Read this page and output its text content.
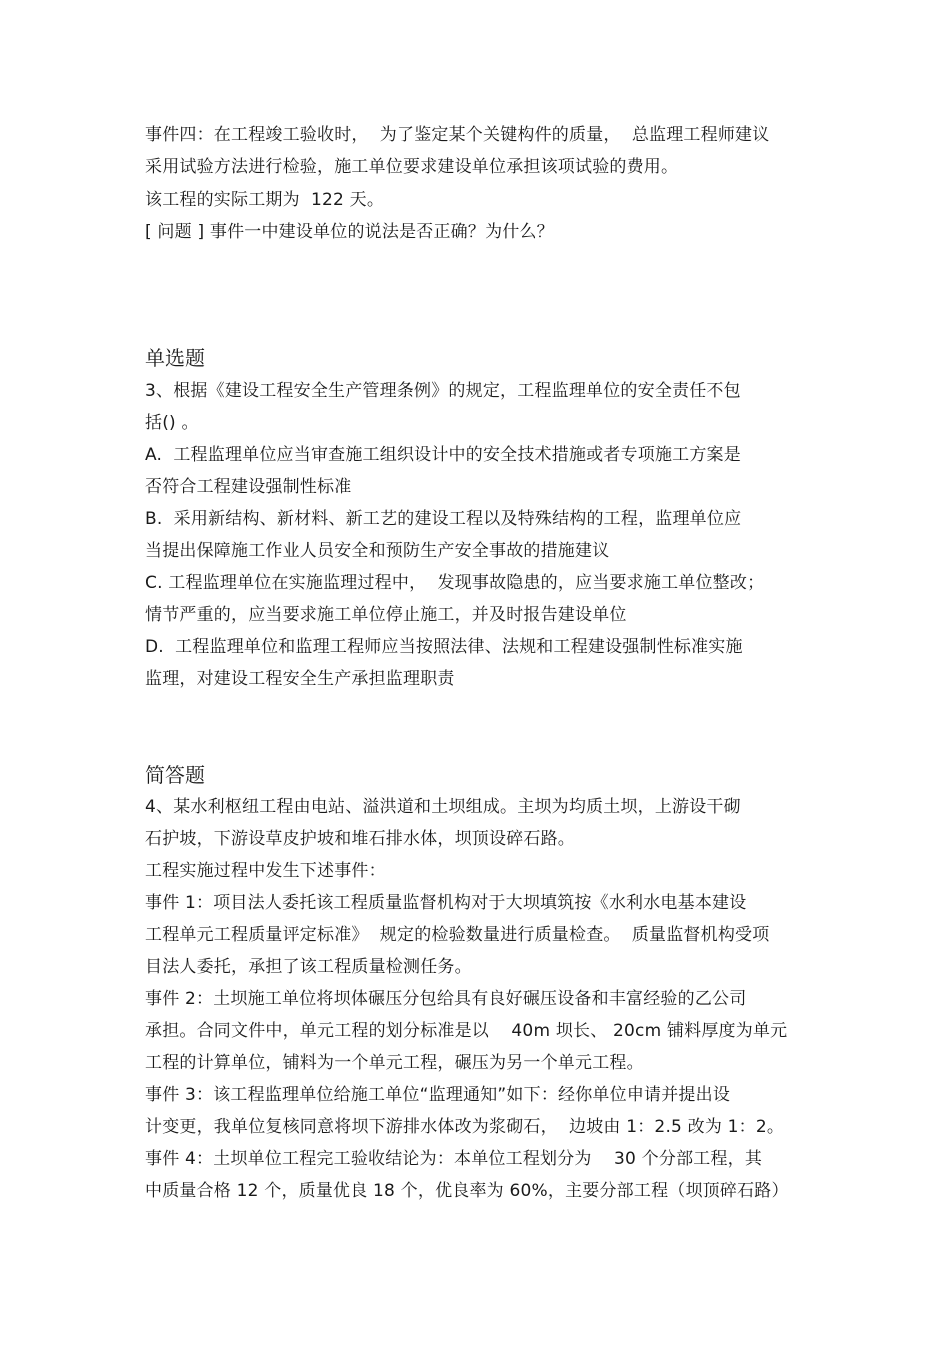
事件四：在工程竣工验收时，  为了鉴定某个关键构件的质量，  总监理工程师建议
采用试验方法进行检验，施工单位要求建设单位承担该项试验的费用。
该工程的实际工期为  122 天。
[ 问题 ] 事件一中建设单位的说法是否正确？为什么？
单选题
3、根据《建设工程安全生产管理条例》的规定，工程监理单位的安全责任不包
括() 。
A.  工程监理单位应当审查施工组织设计中的安全技术措施或者专项施工方案是
否符合工程建设强制性标准
B.  采用新结构、新材料、新工艺的建设工程以及特殊结构的工程，监理单位应
当提出保障施工作业人员安全和预防生产安全事故的措施建议
C. 工程监理单位在实施监理过程中，  发现事故隐患的，应当要求施工单位整改；
情节严重的，应当要求施工单位停止施工，并及时报告建设单位
D.  工程监理单位和监理工程师应当按照法律、法规和工程建设强制性标准实施
监理，对建设工程安全生产承担监理职责
简答题
4、某水利枢纽工程由电站、溢洪道和土坝组成。主坝为均质土坝，上游设干砌
石护坡，下游设草皮护坡和堆石排水体，坝顶设碎石路。
工程实施过程中发生下述事件：
事件 1：项目法人委托该工程质量监督机构对于大坝填筑按《水利水电基本建设
工程单元工程质量评定标准》  规定的检验数量进行质量检查。  质量监督机构受项
目法人委托，承担了该工程质量检测任务。
事件 2：土坝施工单位将坝体碾压分包给具有良好碾压设备和丰富经验的乙公司
承担。合同文件中，单元工程的划分标准是以    40m 坝长、 20cm 铺料厚度为单元
工程的计算单位，铺料为一个单元工程，碾压为另一个单元工程。
事件 3：该工程监理单位给施工单位“监理通知”如下：经你单位申请并提出设
计变更，我单位复核同意将坝下游排水体改为浆砌石，  边坡由 1：2.5 改为 1：2。
事件 4：土坝单位工程完工验收结论为：本单位工程划分为    30 个分部工程，其
中质量合格 12 个，质量优良 18 个，优良率为 60%，主要分部工程（坝顶碎石路）
